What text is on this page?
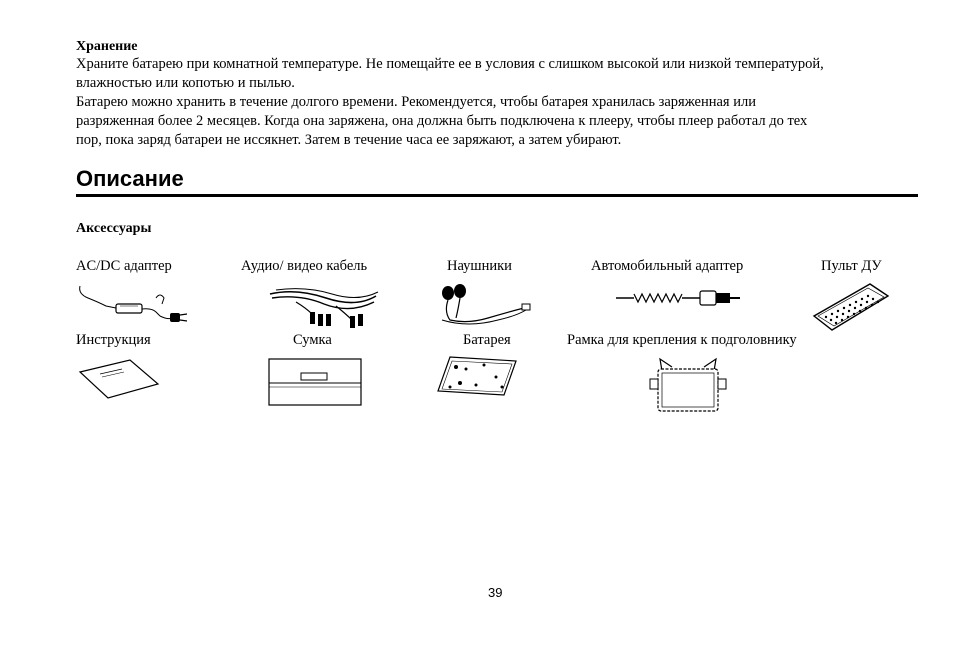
Хранение
Храните батарею при комнатной температуре. Не помещайте ее в условия с слишком высокой или низкой температурой,
влажностью или копотью и пылью.
Батарею можно хранить в течение долгого времени. Рекомендуется, чтобы батарея хранилась заряженная или
разряженная более 2 месяцев. Когда она заряжена, она должна быть подключена к плееру, чтобы плеер работал до тех
пор, пока заряд батареи не иссякнет. Затем в течение часа ее заряжают, а затем убирают.
Описание
Аксессуары
AC/DC адаптер	Аудио/ видео кабель	Наушники	Автомобильный адаптер	Пульт ДУ
Инструкция	Сумка	Батарея	Рамка для крепления к подголовнику
39
